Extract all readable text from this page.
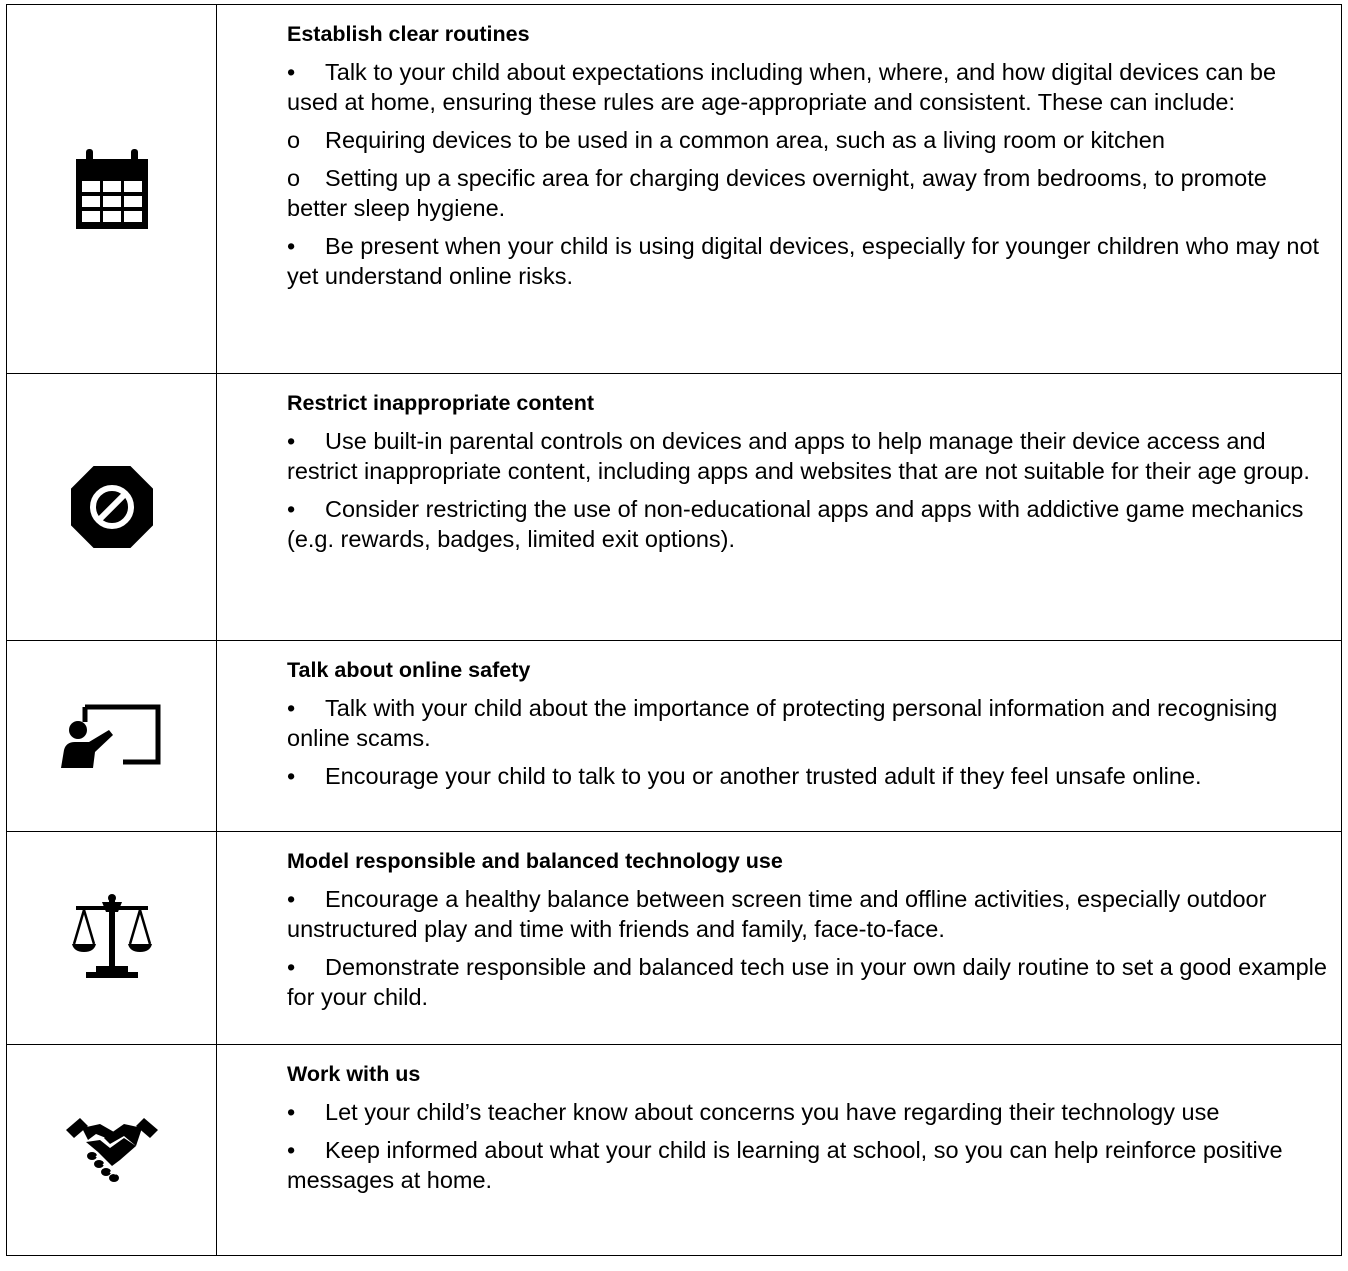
Establish clear routines

• Talk to your child about expectations including when, where, and how digital devices can be used at home, ensuring these rules are age-appropriate and consistent. These can include:

o Requiring devices to be used in a common area, such as a living room or kitchen

o Setting up a specific area for charging devices overnight, away from bedrooms, to promote better sleep hygiene.

• Be present when your child is using digital devices, especially for younger children who may not yet understand online risks.

Restrict inappropriate content

• Use built-in parental controls on devices and apps to help manage their device access and restrict inappropriate content, including apps and websites that are not suitable for their age group.

• Consider restricting the use of non-educational apps and apps with addictive game mechanics (e.g. rewards, badges, limited exit options).

Talk about online safety

• Talk with your child about the importance of protecting personal information and recognising online scams.

• Encourage your child to talk to you or another trusted adult if they feel unsafe online.

Model responsible and balanced technology use

• Encourage a healthy balance between screen time and offline activities, especially outdoor unstructured play and time with friends and family, face-to-face.

• Demonstrate responsible and balanced tech use in your own daily routine to set a good example for your child.

Work with us

• Let your child’s teacher know about concerns you have regarding their technology use

• Keep informed about what your child is learning at school, so you can help reinforce positive messages at home.
